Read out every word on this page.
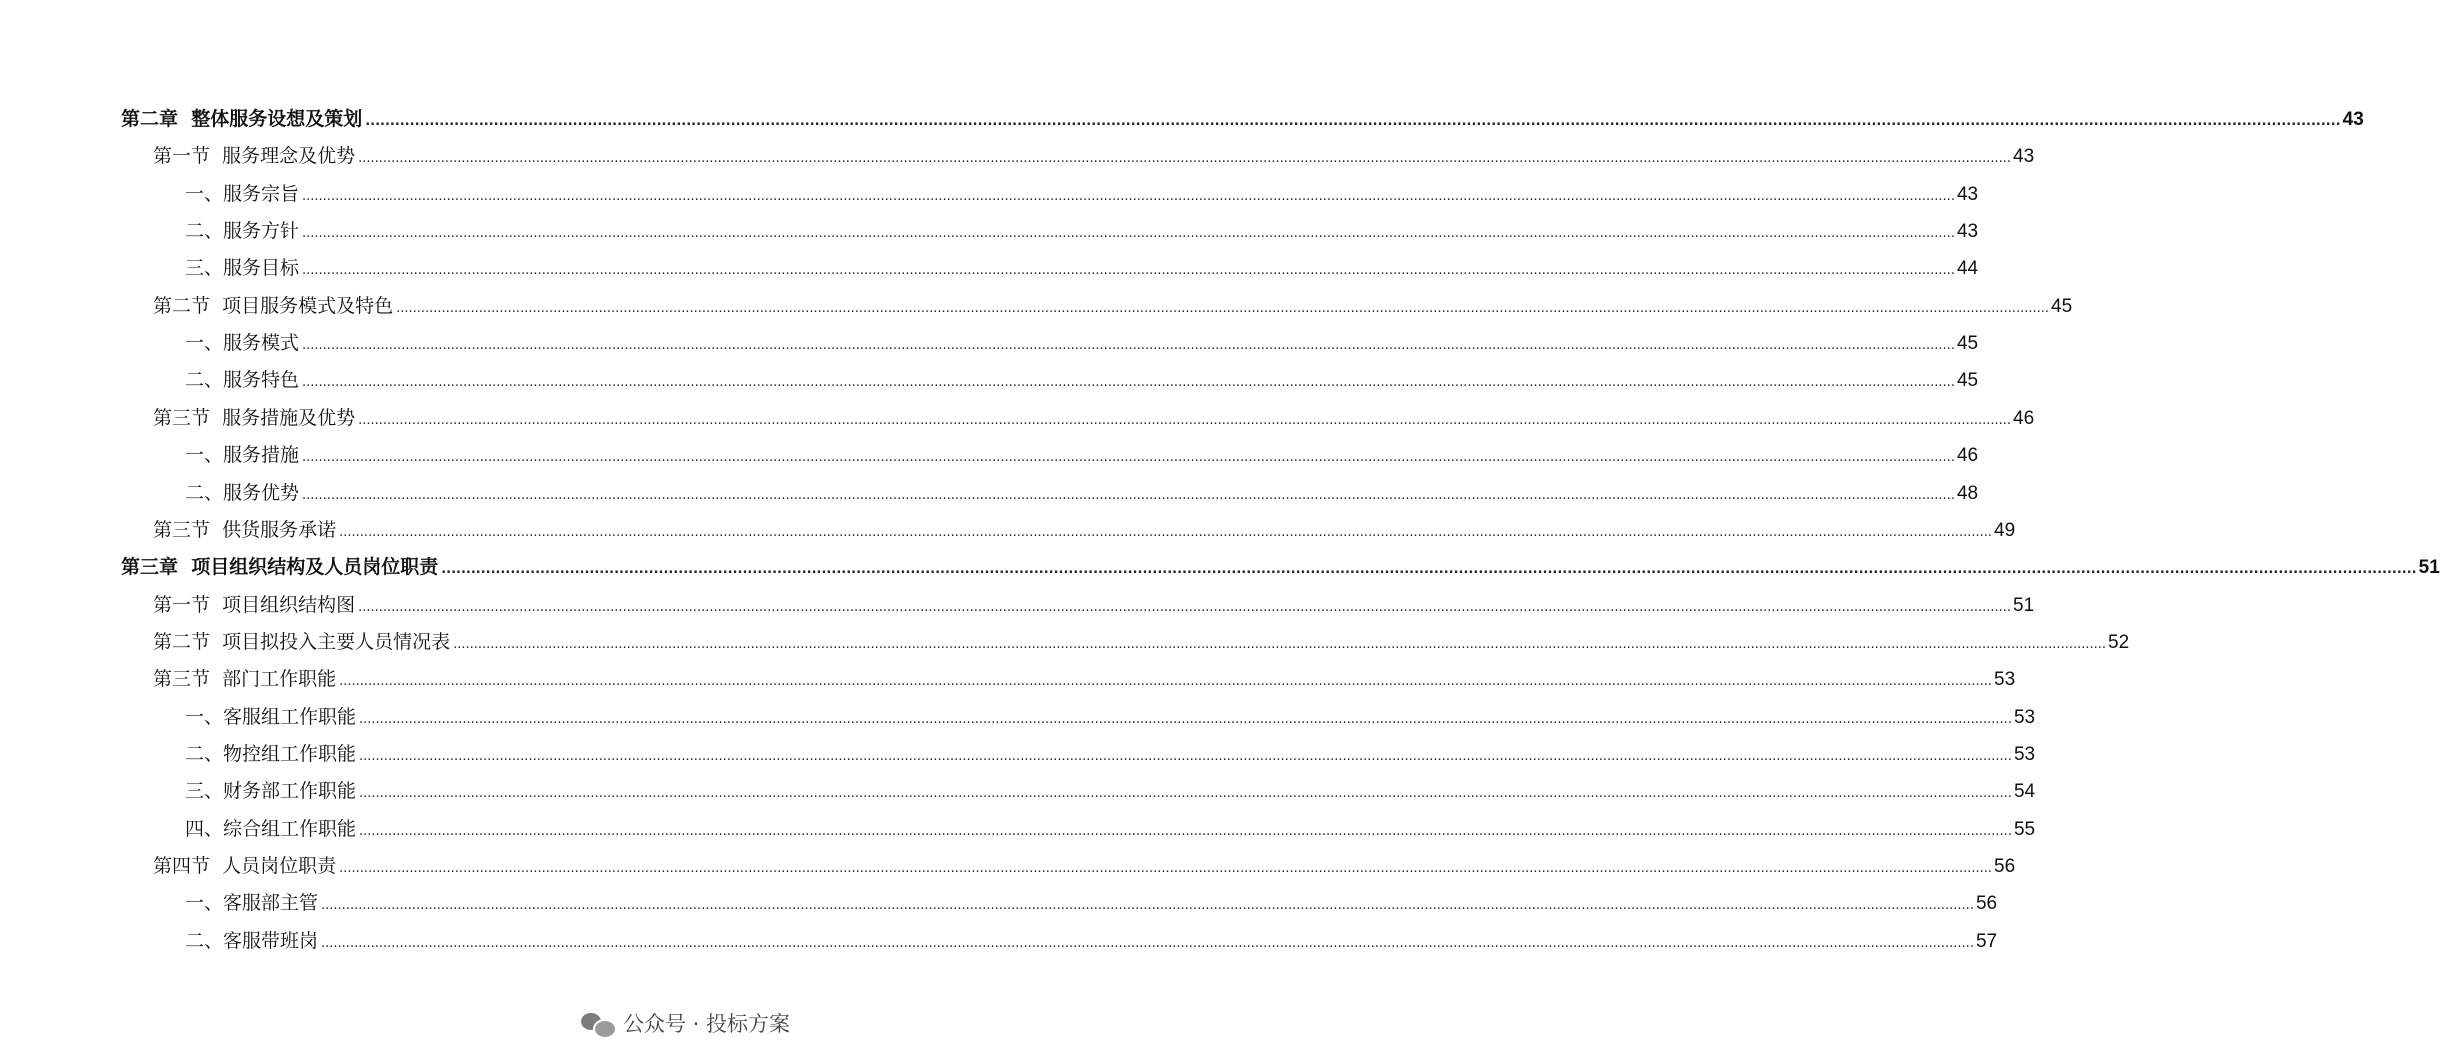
第二章  整体服务设想及策划 ................................................................................................................................................................................................................................................................................................................................................................................................................ 43
第一节  服务理念及优势 ................................................................................................................................................................................................................................................................................................................................................................................................................ 43
一、服务宗旨 ................................................................................................................................................................................................................................................................................................................................................................................................................ 43
二、服务方针 ................................................................................................................................................................................................................................................................................................................................................................................................................ 43
三、服务目标 ................................................................................................................................................................................................................................................................................................................................................................................................................ 44
第二节  项目服务模式及特色 ................................................................................................................................................................................................................................................................................................................................................................................................................ 45
一、服务模式 ................................................................................................................................................................................................................................................................................................................................................................................................................ 45
二、服务特色 ................................................................................................................................................................................................................................................................................................................................................................................................................ 45
第三节  服务措施及优势 ................................................................................................................................................................................................................................................................................................................................................................................................................ 46
一、服务措施 ................................................................................................................................................................................................................................................................................................................................................................................................................ 46
二、服务优势 ................................................................................................................................................................................................................................................................................................................................................................................................................ 48
第三节  供货服务承诺 ................................................................................................................................................................................................................................................................................................................................................................................................................ 49
第三章  项目组织结构及人员岗位职责 ................................................................................................................................................................................................................................................................................................................................................................................................................ 51
第一节  项目组织结构图 ................................................................................................................................................................................................................................................................................................................................................................................................................ 51
第二节  项目拟投入主要人员情况表 ................................................................................................................................................................................................................................................................................................................................................................................................................ 52
第三节  部门工作职能 ................................................................................................................................................................................................................................................................................................................................................................................................................ 53
一、客服组工作职能 ................................................................................................................................................................................................................................................................................................................................................................................................................ 53
二、物控组工作职能 ................................................................................................................................................................................................................................................................................................................................................................................................................ 53
三、财务部工作职能 ................................................................................................................................................................................................................................................................................................................................................................................................................ 54
四、综合组工作职能 ................................................................................................................................................................................................................................................................................................................................................................................................................ 55
第四节  人员岗位职责 ................................................................................................................................................................................................................................................................................................................................................................................................................ 56
一、客服部主管 ................................................................................................................................................................................................................................................................................................................................................................................................................ 56
二、客服带班岗 ................................................................................................................................................................................................................................................................................................................................................................................................................ 57
公众号 · 投标方案
